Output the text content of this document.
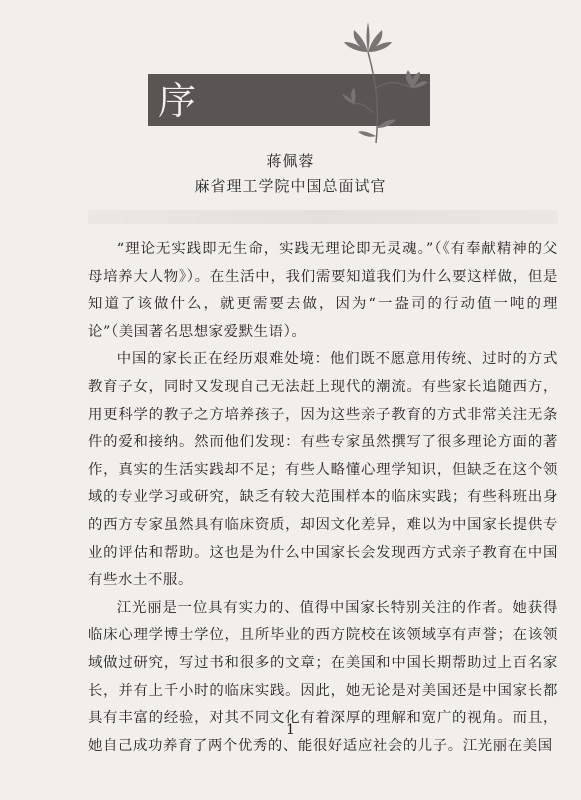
序
蒋佩蓉
麻省理工学院中国总面试官

“理论无实践即无生命，实践无理论即无灵魂。”（《有奉献精神的父母培养大人物》）。在生活中，我们需要知道我们为什么要这样做，但是知道了该做什么，就更需要去做，因为“一盎司的行动值一吨的理论”（美国著名思想家爱默生语）。

中国的家长正在经历艰难处境：他们既不愿意用传统、过时的方式教育子女，同时又发现自己无法赶上现代的潮流。有些家长追随西方，用更科学的教子之方培养孩子，因为这些亲子教育的方式非常关注无条件的爱和接纳。然而他们发现：有些专家虽然撰写了很多理论方面的著作，真实的生活实践却不足；有些人略懂心理学知识，但缺乏在这个领域的专业学习或研究，缺乏有较大范围样本的临床实践；有些科班出身的西方专家虽然具有临床资质，却因文化差异，难以为中国家长提供专业的评估和帮助。这也是为什么中国家长会发现西方式亲子教育在中国有些水土不服。

江光丽是一位具有实力的、值得中国家长特别关注的作者。她获得临床心理学博士学位，且所毕业的西方院校在该领域享有声誉；在该领域做过研究，写过书和很多的文章；在美国和中国长期帮助过上百名家长，并有上千小时的临床实践。因此，她无论是对美国还是中国家长都具有丰富的经验，对其不同文化有着深厚的理解和宽广的视角。而且，她自己成功养育了两个优秀的、能很好适应社会的儿子。江光丽在美国

1
